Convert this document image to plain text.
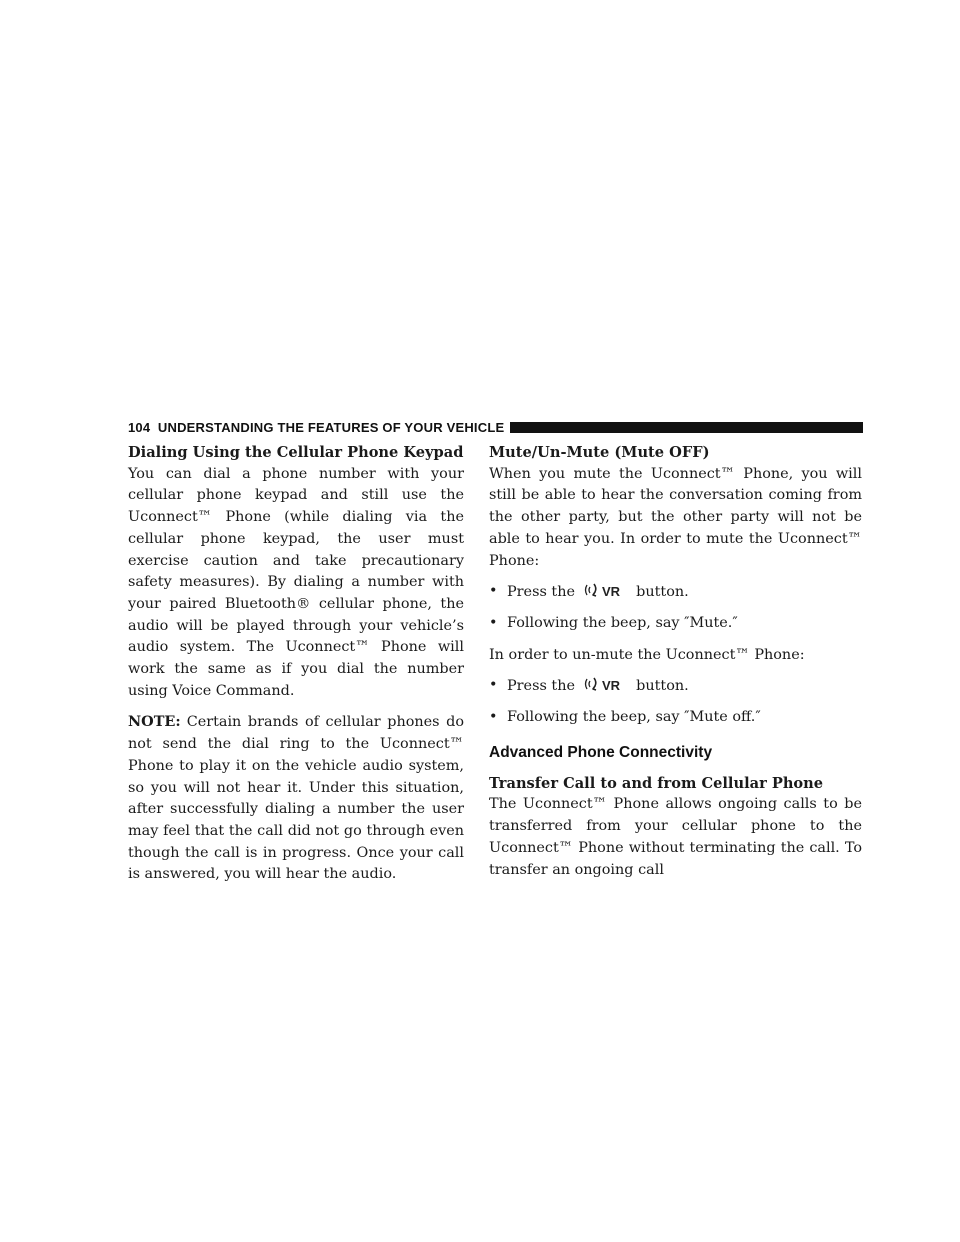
104 UNDERSTANDING THE FEATURES OF YOUR VEHICLE
Dialing Using the Cellular Phone Keypad

You can dial a phone number with your cellular phone keypad and still use the Uconnect™ Phone (while dialing via the cellular phone keypad, the user must exercise caution and take precautionary safety measures). By dialing a number with your paired Bluetooth® cellular phone, the audio will be played through your vehicle’s audio system. The Uconnect™ Phone will work the same as if you dial the number using Voice Command.

NOTE: Certain brands of cellular phones do not send the dial ring to the Uconnect™ Phone to play it on the vehicle audio system, so you will not hear it. Under this situation, after successfully dialing a number the user may feel that the call did not go through even though the call is in progress. Once your call is answered, you will hear the audio.

Mute/Un-Mute (Mute OFF)

When you mute the Uconnect™ Phone, you will still be able to hear the conversation coming from the other party, but the other party will not be able to hear you. In order to mute the Uconnect™ Phone:

• Press the VR button.
• Following the beep, say ″Mute.″

In order to un-mute the Uconnect™ Phone:

• Press the VR button.
• Following the beep, say ″Mute off.″
Advanced Phone Connectivity
Transfer Call to and from Cellular Phone

The Uconnect™ Phone allows ongoing calls to be transferred from your cellular phone to the Uconnect™ Phone without terminating the call. To transfer an ongoing call
